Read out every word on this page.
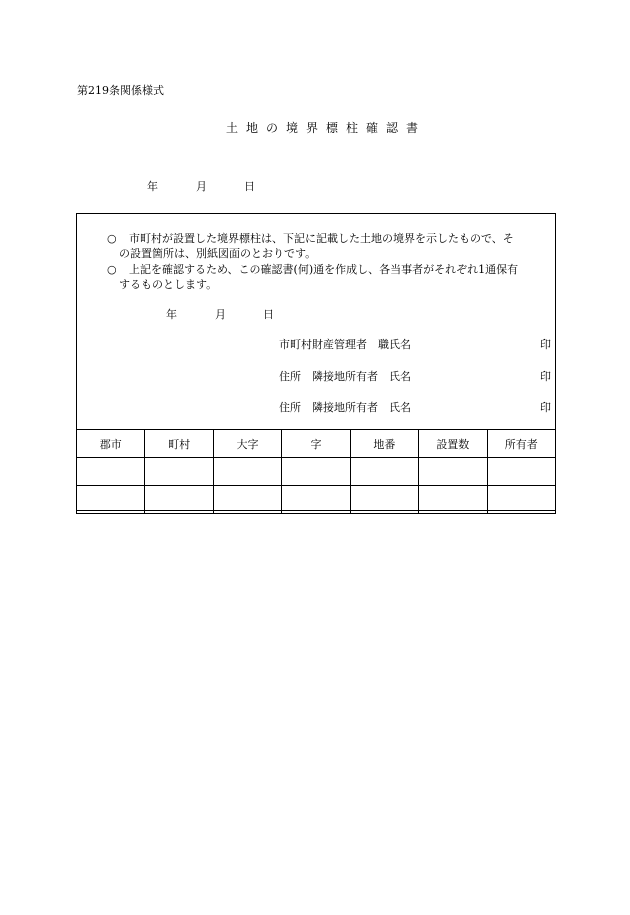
第219条関係様式
土地の境界標柱確認書
年	月	日
○	市町村が設置した境界標柱は、下記に記載した土地の境界を示したもので、そ
の設置箇所は、別紙図面のとおりです。
○	上記を確認するため、この確認書(何)通を作成し、各当事者がそれぞれ1通保有
するものとします。
年	月	日
市町村財産管理者　職氏名	印
住所　隣接地所有者　氏名	印
住所　隣接地所有者　氏名	印
郡市	町村	大字	字	地番	設置数	所有者
